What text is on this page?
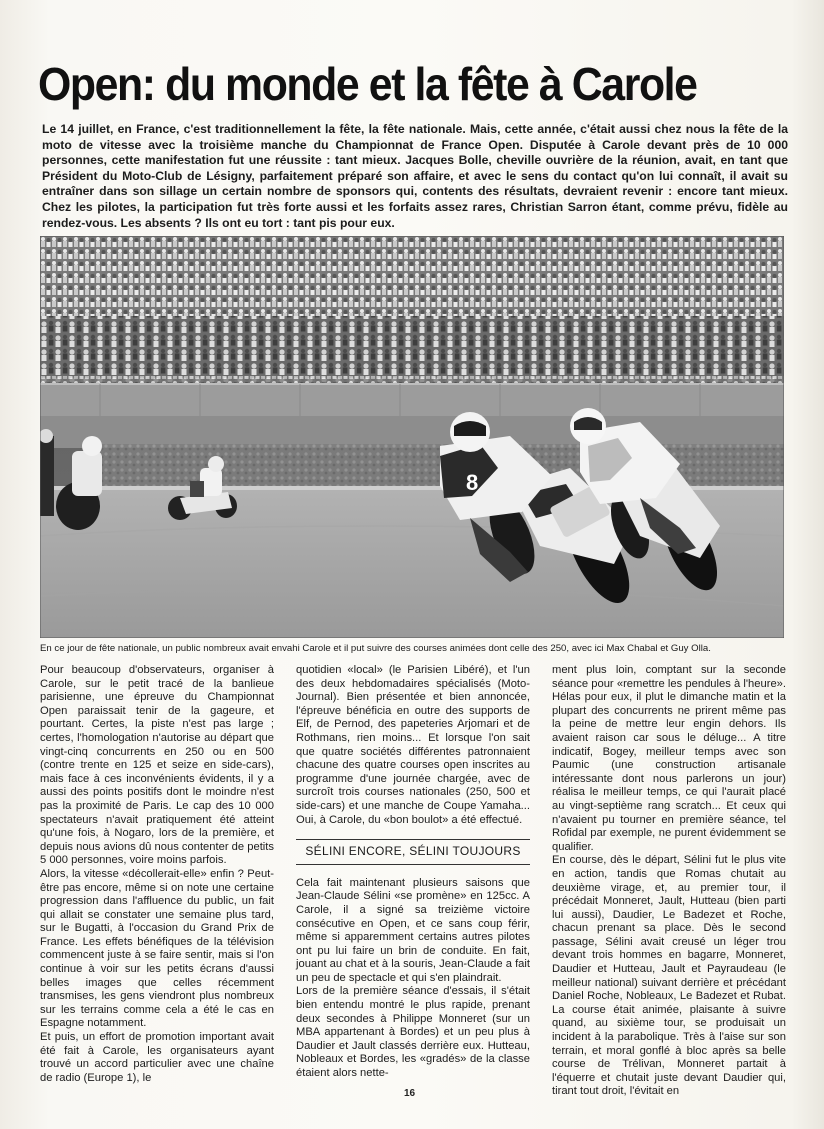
Open: du monde et la fête à Carole

Le 14 juillet, en France, c'est traditionnellement la fête, la fête nationale. Mais, cette année, c'était aussi chez nous la fête de la moto de vitesse avec la troisième manche du Championnat de France Open. Disputée à Carole devant près de 10 000 personnes, cette manifestation fut une réussite : tant mieux. Jacques Bolle, cheville ouvrière de la réunion, avait, en tant que Président du Moto-Club de Lésigny, parfaitement préparé son affaire, et avec le sens du contact qu'on lui connaît, il avait su entraîner dans son sillage un certain nombre de sponsors qui, contents des résultats, devraient revenir : encore tant mieux. Chez les pilotes, la participation fut très forte aussi et les forfaits assez rares, Christian Sarron étant, comme prévu, fidèle au rendez-vous. Les absents ? Ils ont eu tort : tant pis pour eux.

8

En ce jour de fête nationale, un public nombreux avait envahi Carole et il put suivre des courses animées dont celle des 250, avec ici Max Chabal et Guy Olla.

Pour beaucoup d'observateurs, organiser à Carole, sur le petit tracé de la banlieue parisienne, une épreuve du Championnat Open paraissait tenir de la gageure, et pourtant. Certes, la piste n'est pas large ; certes, l'homologation n'autorise au départ que vingt-cinq concurrents en 250 ou en 500 (contre trente en 125 et seize en side-cars), mais face à ces inconvénients évidents, il y a aussi des points positifs dont le moindre n'est pas la proximité de Paris. Le cap des 10 000 spectateurs n'avait pratiquement été atteint qu'une fois, à Nogaro, lors de la première, et depuis nous avions dû nous contenter de petits 5 000 personnes, voire moins parfois.

Alors, la vitesse «décollerait-elle» enfin ? Peut-être pas encore, même si on note une certaine progression dans l'affluence du public, un fait qui allait se constater une semaine plus tard, sur le Bugatti, à l'occasion du Grand Prix de France. Les effets bénéfiques de la télévision commencent juste à se faire sentir, mais si l'on continue à voir sur les petits écrans d'aussi belles images que celles récemment transmises, les gens viendront plus nombreux sur les terrains comme cela a été le cas en Espagne notamment.

Et puis, un effort de promotion important avait été fait à Carole, les organisateurs ayant trouvé un accord particulier avec une chaîne de radio (Europe 1), le

quotidien «local» (le Parisien Libéré), et l'un des deux hebdomadaires spécialisés (Moto-Journal). Bien présentée et bien annoncée, l'épreuve bénéficia en outre des supports de Elf, de Pernod, des papeteries Arjomari et de Rothmans, rien moins... Et lorsque l'on sait que quatre sociétés différentes patronnaient chacune des quatre courses open inscrites au programme d'une journée chargée, avec de surcroît trois courses nationales (250, 500 et side-cars) et une manche de Coupe Yamaha... Oui, à Carole, du «bon boulot» a été effectué.

SÉLINI ENCORE, SÉLINI TOUJOURS

Cela fait maintenant plusieurs saisons que Jean-Claude Sélini «se promène» en 125cc. A Carole, il a signé sa treizième victoire consécutive en Open, et ce sans coup férir, même si apparemment certains autres pilotes ont pu lui faire un brin de conduite. En fait, jouant au chat et à la souris, Jean-Claude a fait un peu de spectacle et qui s'en plaindrait.

Lors de la première séance d'essais, il s'était bien entendu montré le plus rapide, prenant deux secondes à Philippe Monneret (sur un MBA appartenant à Bordes) et un peu plus à Daudier et Jault classés derrière eux. Hutteau, Nobleaux et Bordes, les «gradés» de la classe étaient alors nette-

ment plus loin, comptant sur la seconde séance pour «remettre les pendules à l'heure». Hélas pour eux, il plut le dimanche matin et la plupart des concurrents ne prirent même pas la peine de mettre leur engin dehors. Ils avaient raison car sous le déluge... A titre indicatif, Bogey, meilleur temps avec son Paumic (une construction artisanale intéressante dont nous parlerons un jour) réalisa le meilleur temps, ce qui l'aurait placé au vingt-septième rang scratch... Et ceux qui n'avaient pu tourner en première séance, tel Rofidal par exemple, ne purent évidemment se qualifier.

En course, dès le départ, Sélini fut le plus vite en action, tandis que Romas chutait au deuxième virage, et, au premier tour, il précédait Monneret, Jault, Hutteau (bien parti lui aussi), Daudier, Le Badezet et Roche, chacun prenant sa place. Dès le second passage, Sélini avait creusé un léger trou devant trois hommes en bagarre, Monneret, Daudier et Hutteau, Jault et Payraudeau (le meilleur national) suivant derrière et précédant Daniel Roche, Nobleaux, Le Badezet et Rubat. La course était animée, plaisante à suivre quand, au sixième tour, se produisait un incident à la parabolique. Très à l'aise sur son terrain, et moral gonflé à bloc après sa belle course de Trélivan, Monneret partait à l'équerre et chutait juste devant Daudier qui, tirant tout droit, l'évitait en

16
